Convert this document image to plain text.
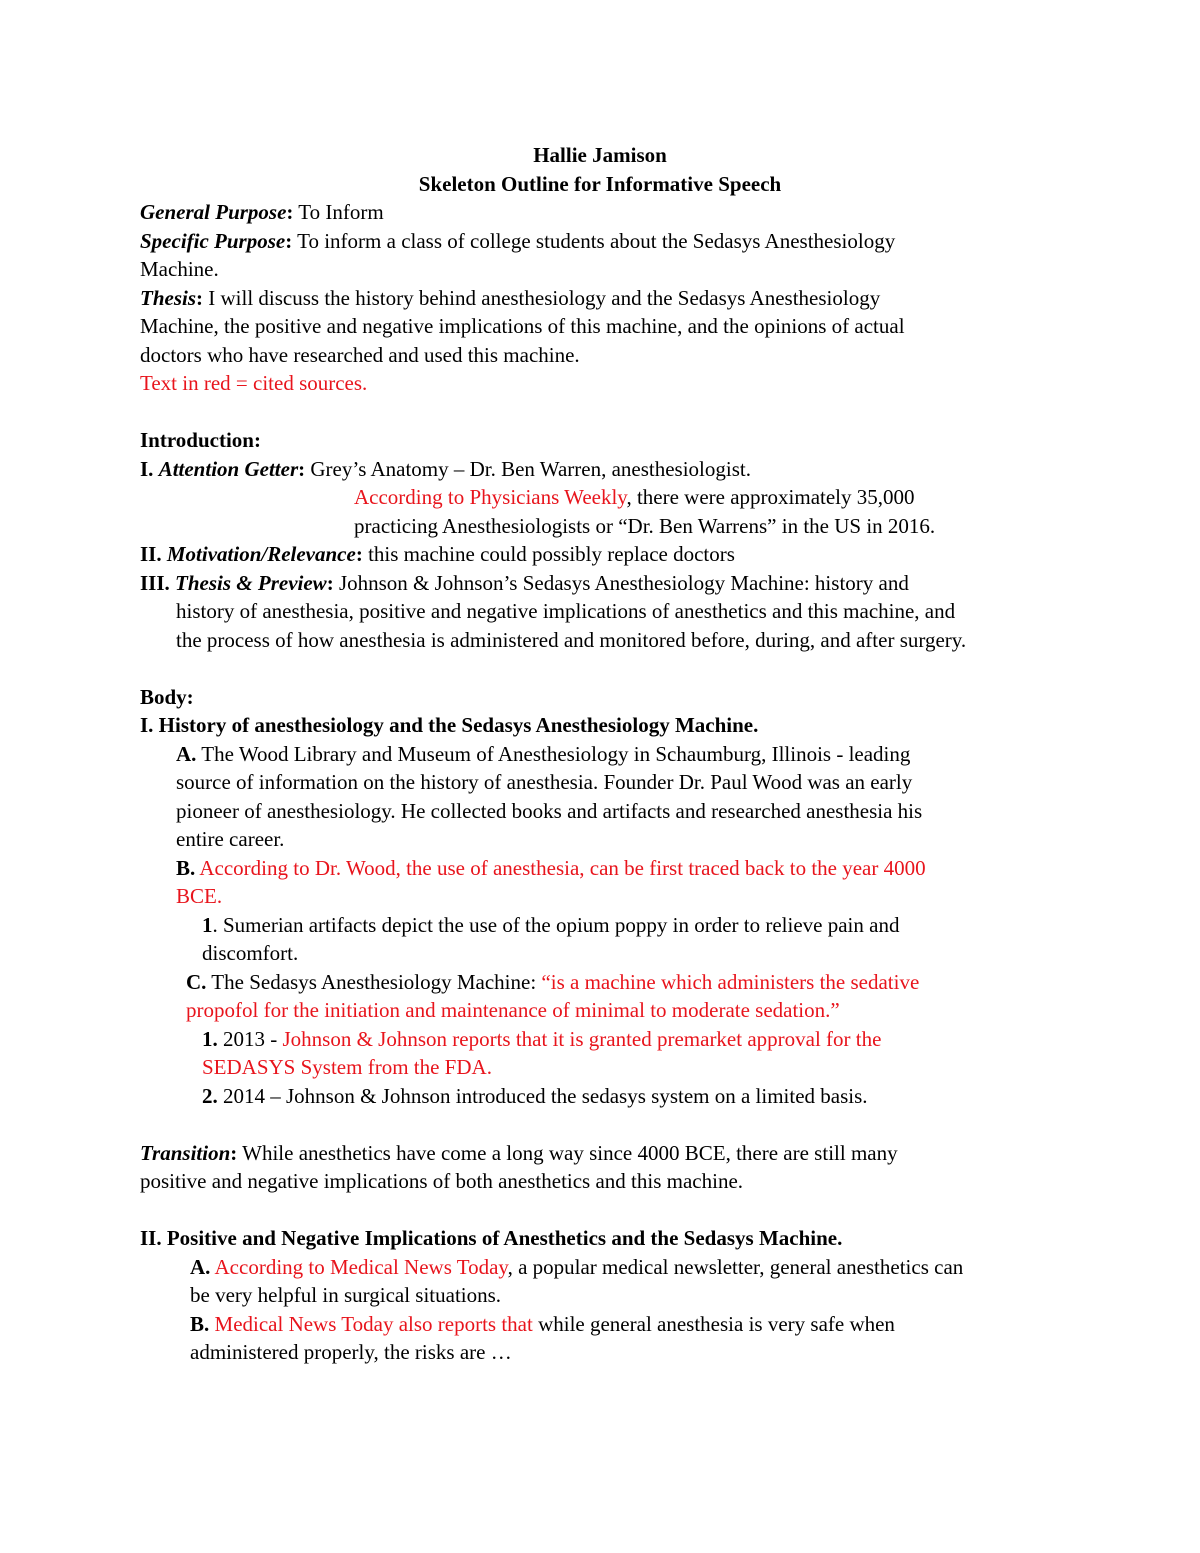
Hallie Jamison
Skeleton Outline for Informative Speech
General Purpose: To Inform
Specific Purpose: To inform a class of college students about the Sedasys Anesthesiology
Machine.
Thesis: I will discuss the history behind anesthesiology and the Sedasys Anesthesiology
Machine, the positive and negative implications of this machine, and the opinions of actual
doctors who have researched and used this machine.
Text in red = cited sources.
Introduction:
I. Attention Getter: Grey’s Anatomy – Dr. Ben Warren, anesthesiologist.
According to Physicians Weekly, there were approximately 35,000
practicing Anesthesiologists or “Dr. Ben Warrens” in the US in 2016.
II. Motivation/Relevance: this machine could possibly replace doctors
III. Thesis & Preview: Johnson & Johnson’s Sedasys Anesthesiology Machine: history and
history of anesthesia, positive and negative implications of anesthetics and this machine, and
the process of how anesthesia is administered and monitored before, during, and after surgery.
Body:
I. History of anesthesiology and the Sedasys Anesthesiology Machine.
A. The Wood Library and Museum of Anesthesiology in Schaumburg, Illinois - leading
source of information on the history of anesthesia. Founder Dr. Paul Wood was an early
pioneer of anesthesiology. He collected books and artifacts and researched anesthesia his
entire career.
B. According to Dr. Wood, the use of anesthesia, can be first traced back to the year 4000
BCE.
1. Sumerian artifacts depict the use of the opium poppy in order to relieve pain and
discomfort.
C. The Sedasys Anesthesiology Machine: “is a machine which administers the sedative
propofol for the initiation and maintenance of minimal to moderate sedation.”
1. 2013 - Johnson & Johnson reports that it is granted premarket approval for the
SEDASYS System from the FDA.
2. 2014 – Johnson & Johnson introduced the sedasys system on a limited basis.
Transition: While anesthetics have come a long way since 4000 BCE, there are still many
positive and negative implications of both anesthetics and this machine.
II. Positive and Negative Implications of Anesthetics and the Sedasys Machine.
A. According to Medical News Today, a popular medical newsletter, general anesthetics can
be very helpful in surgical situations.
B. Medical News Today also reports that while general anesthesia is very safe when
administered properly, the risks are …
